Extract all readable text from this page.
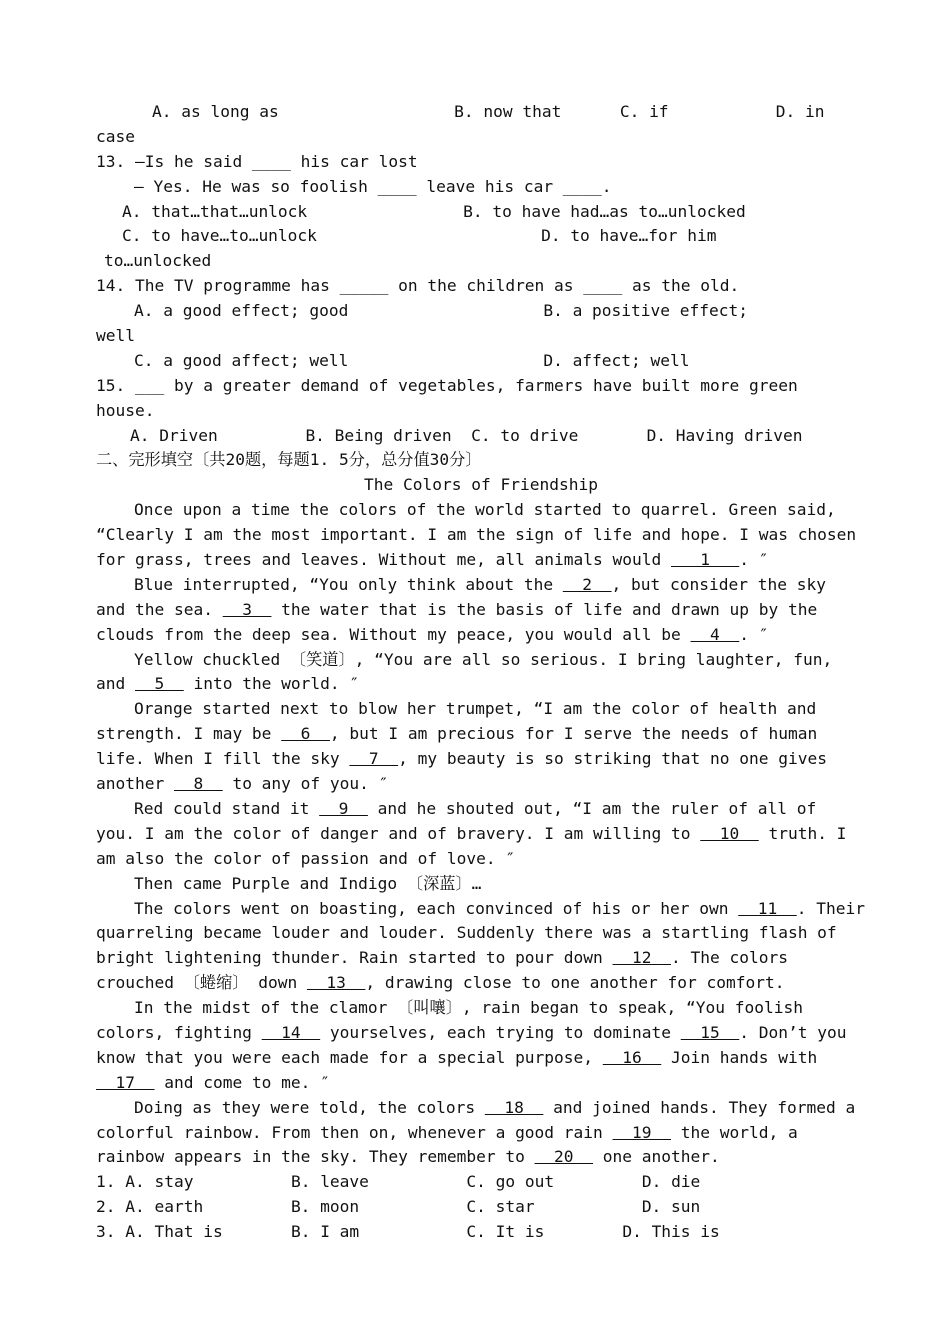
A. as long as	B. now that	C. if	D. in
case
13. —Is he said ____ his car lost
— Yes. He was so foolish ____ leave his car ____.
A. that…that…unlock	B. to have had…as to…unlocked
C. to have…to…unlock	D. to have…for him
to…unlocked
14. The TV programme has _____ on the children as ____ as the old.
A. a good effect; good	B. a positive effect;
well
C. a good affect; well	D. affect; well
15. ___ by a greater demand of vegetables, farmers have built more green
house.
A. Driven	B. Being driven C. to drive	D. Having driven
二、完形填空〔共20题，每题1. 5分，总分值30分〕
The Colors of Friendship
Once upon a time the colors of the world started to quarrel. Green said,
“Clearly I am the most important. I am the sign of life and hope. I was chosen
for grass, trees and leaves. Without me, all animals would    1   . ″
Blue interrupted, “You only think about the   2  , but consider the sky
and the sea.   3   the water that is the basis of life and drawn up by the
clouds from the deep sea. Without my peace, you would all be   4  . ″
Yellow chuckled 〔笑道〕, “You are all so serious. I bring laughter, fun,
and   5   into the world. ″
Orange started next to blow her trumpet, “I am the color of health and
strength. I may be   6  , but I am precious for I serve the needs of human
life. When I fill the sky   7  , my beauty is so striking that no one gives
another   8   to any of you. ″
Red could stand it   9   and he shouted out, “I am the ruler of all of
you. I am the color of danger and of bravery. I am willing to   10   truth. I
am also the color of passion and of love. ″
Then came Purple and Indigo 〔深蓝〕…
The colors went on boasting, each convinced of his or her own   11  . Their
quarreling became louder and louder. Suddenly there was a startling flash of
bright lightening thunder. Rain started to pour down   12  . The colors
crouched 〔蜷缩〕 down   13  , drawing close to one another for comfort.
In the midst of the clamor 〔叫嚷〕, rain began to speak, “You foolish
colors, fighting   14   yourselves, each trying to dominate   15  . Don’t you
know that you were each made for a special purpose,   16   Join hands with
17   and come to me. ″
Doing as they were told, the colors   18   and joined hands. They formed a
colorful rainbow. From then on, whenever a good rain   19   the world, a
rainbow appears in the sky. They remember to   20   one another.
1. A. stay	B. leave	C. go out	D. die
2. A. earth	B. moon	C. star	D. sun
3. A. That is	B. I am	C. It is	D. This is
